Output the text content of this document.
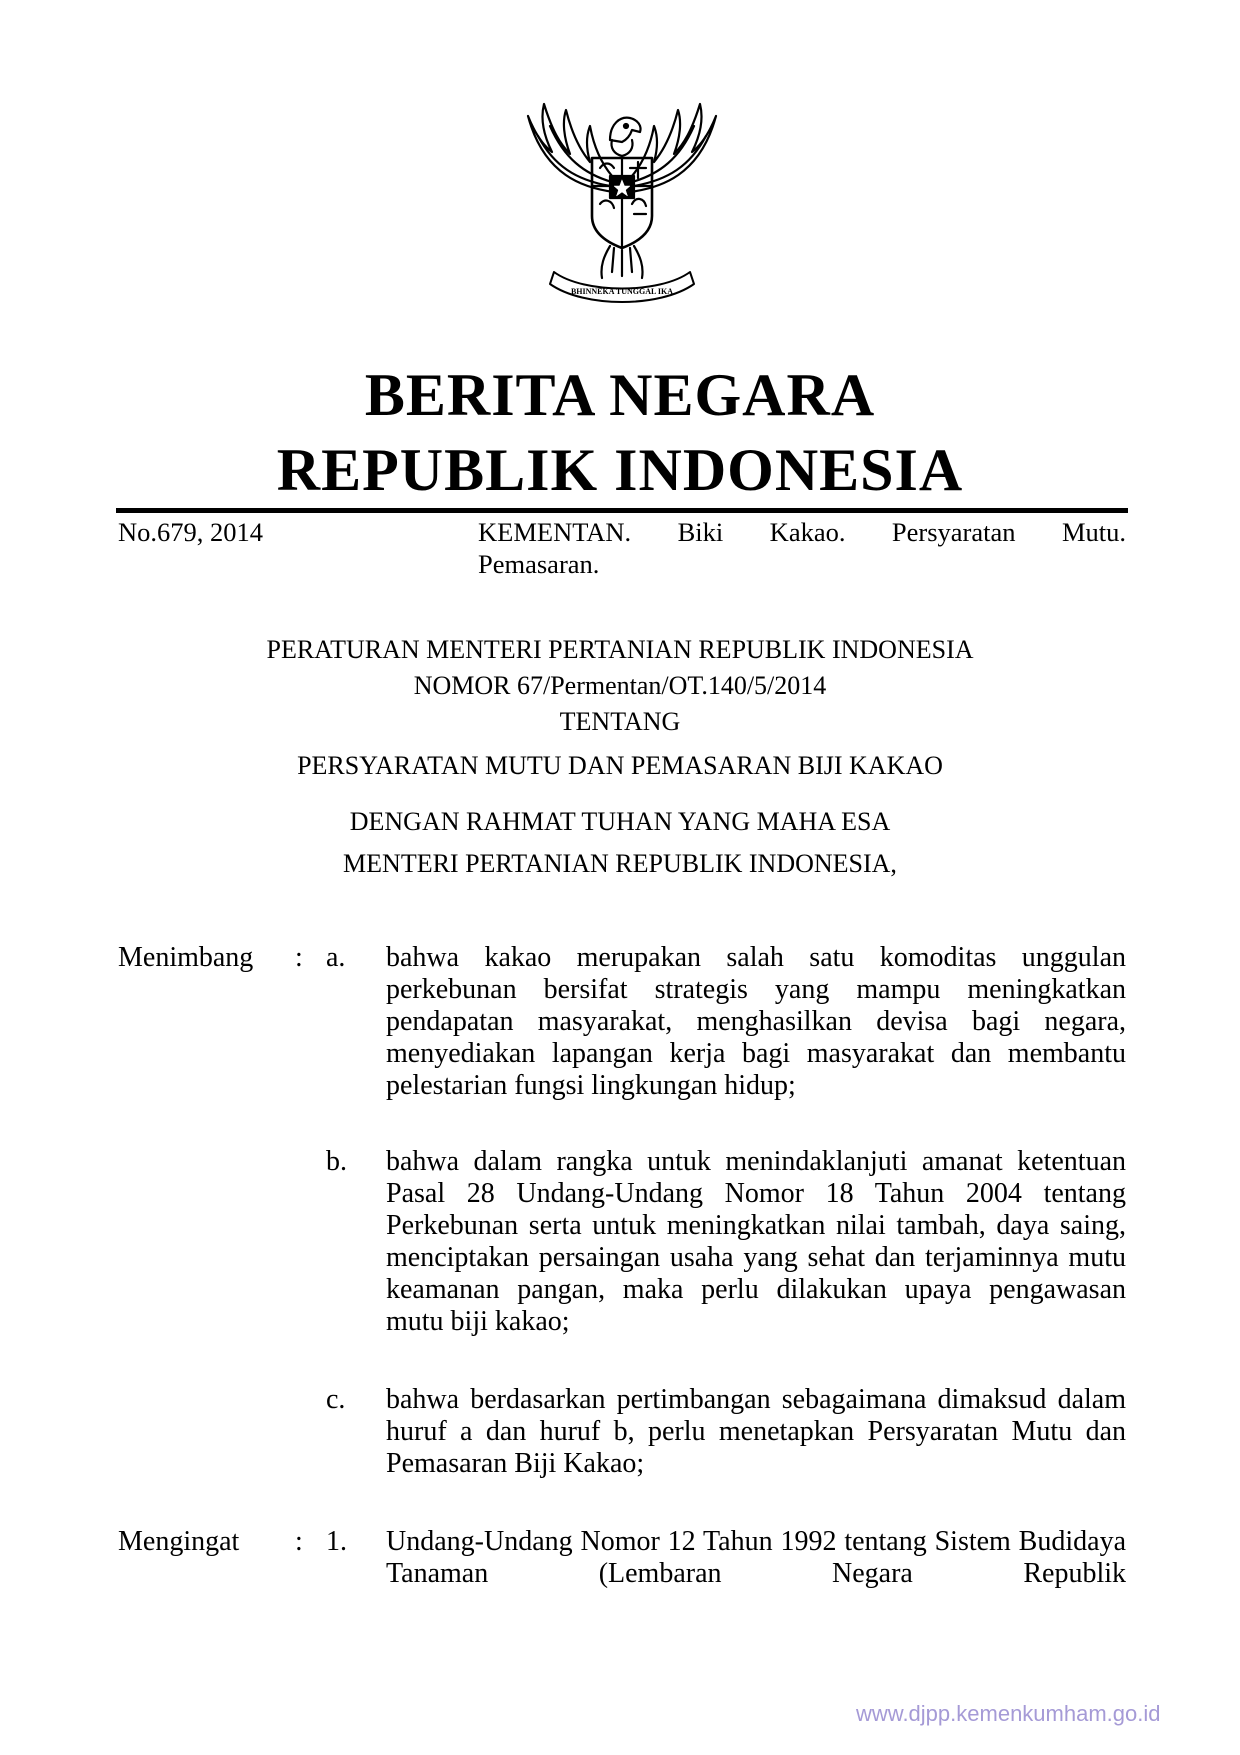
BHINNEKA TUNGGAL IKA
BERITA NEGARA
REPUBLIK INDONESIA
No.679, 2014	KEMENTAN. Biki Kakao. Persyaratan Mutu.
Pemasaran.
PERATURAN MENTERI PERTANIAN REPUBLIK INDONESIA
NOMOR 67/Permentan/OT.140/5/2014
TENTANG
PERSYARATAN MUTU DAN PEMASARAN BIJI KAKAO
DENGAN RAHMAT TUHAN YANG MAHA ESA
MENTERI PERTANIAN REPUBLIK INDONESIA,
Menimbang : a. bahwa kakao merupakan salah satu komoditas unggulan perkebunan bersifat strategis yang mampu meningkatkan pendapatan masyarakat, menghasilkan devisa bagi negara, menyediakan lapangan kerja bagi masyarakat dan membantu pelestarian fungsi lingkungan hidup;
b. bahwa dalam rangka untuk menindaklanjuti amanat ketentuan Pasal 28 Undang-Undang Nomor 18 Tahun 2004 tentang Perkebunan serta untuk meningkatkan nilai tambah, daya saing, menciptakan persaingan usaha yang sehat dan terjaminnya mutu keamanan pangan, maka perlu dilakukan upaya pengawasan mutu biji kakao;
c. bahwa berdasarkan pertimbangan sebagaimana dimaksud dalam huruf a dan huruf b, perlu menetapkan Persyaratan Mutu dan Pemasaran Biji Kakao;
Mengingat : 1. Undang-Undang Nomor 12 Tahun 1992 tentang Sistem Budidaya Tanaman (Lembaran Negara Republik
www.djpp.kemenkumham.go.id
